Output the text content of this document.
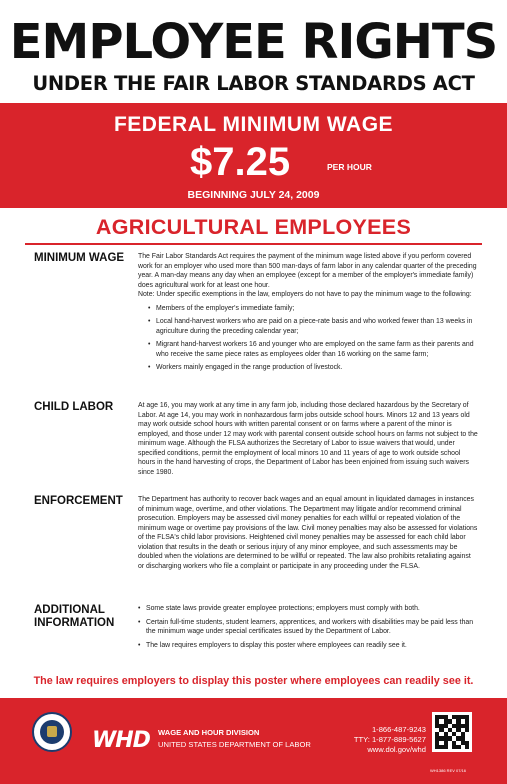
EMPLOYEE RIGHTS
UNDER THE FAIR LABOR STANDARDS ACT
FEDERAL MINIMUM WAGE
$7.25	PER HOUR
BEGINNING JULY 24, 2009
AGRICULTURAL EMPLOYEES
MINIMUM WAGE	The Fair Labor Standards Act requires the payment of the minimum wage listed above if you perform covered work for an employer who used more than 500 man-days of farm labor in any calendar quarter of the preceding year. A man-day means any day when an employee (except for a member of the employer's immediate family) does agricultural work for at least one hour.

Note: Under specific exemptions in the law, employers do not have to pay the minimum wage to the following:

• Members of the employer's immediate family;
• Local hand-harvest workers who are paid on a piece-rate basis and who worked fewer than 13 weeks in agriculture during the preceding calendar year;
• Migrant hand-harvest workers 16 and younger who are employed on the same farm as their parents and who receive the same piece rates as employees older than 16 working on the same farm;
• Workers mainly engaged in the range production of livestock.
CHILD LABOR	At age 16, you may work at any time in any farm job, including those declared hazardous by the Secretary of Labor. At age 14, you may work in nonhazardous farm jobs outside school hours. Minors 12 and 13 years old may work outside school hours with written parental consent or on farms where a parent of the minor is employed, and those under 12 may work with parental consent outside school hours on farms not subject to the minimum wage. Although the FLSA authorizes the Secretary of Labor to issue waivers that would, under specified conditions, permit the employment of local minors 10 and 11 years of age to work outside school hours in the hand harvesting of crops, the Department of Labor has been enjoined from issuing such waivers since 1980.

ENFORCEMENT	The Department has authority to recover back wages and an equal amount in liquidated damages in instances of minimum wage, overtime, and other violations. The Department may litigate and/or recommend criminal prosecution. Employers may be assessed civil money penalties for each willful or repeated violation of the minimum wage or overtime pay provisions of the law. Civil money penalties may also be assessed for violations of the FLSA's child labor provisions. Heightened civil money penalties may be assessed for each child labor violation that results in the death or serious injury of any minor employee, and such assessments may be doubled when the violations are determined to be willful or repeated. The law also prohibits retaliating against or discharging workers who file a complaint or participate in any proceeding under the FLSA.

ADDITIONAL
INFORMATION
• Some state laws provide greater employee protections; employers must comply with both.
• Certain full-time students, student learners, apprentices, and workers with disabilities may be paid less than the minimum wage under special certificates issued by the Department of Labor.
• The law requires employers to display this poster where employees can readily see it.
The law requires employers to display this poster where employees can readily see it.
WHD WAGE AND HOUR DIVISION
UNITED STATES DEPARTMENT OF LABOR
1-866-487-9243
TTY: 1-877-889-5627
www.dol.gov/whd
WH1386 REV 07/16
